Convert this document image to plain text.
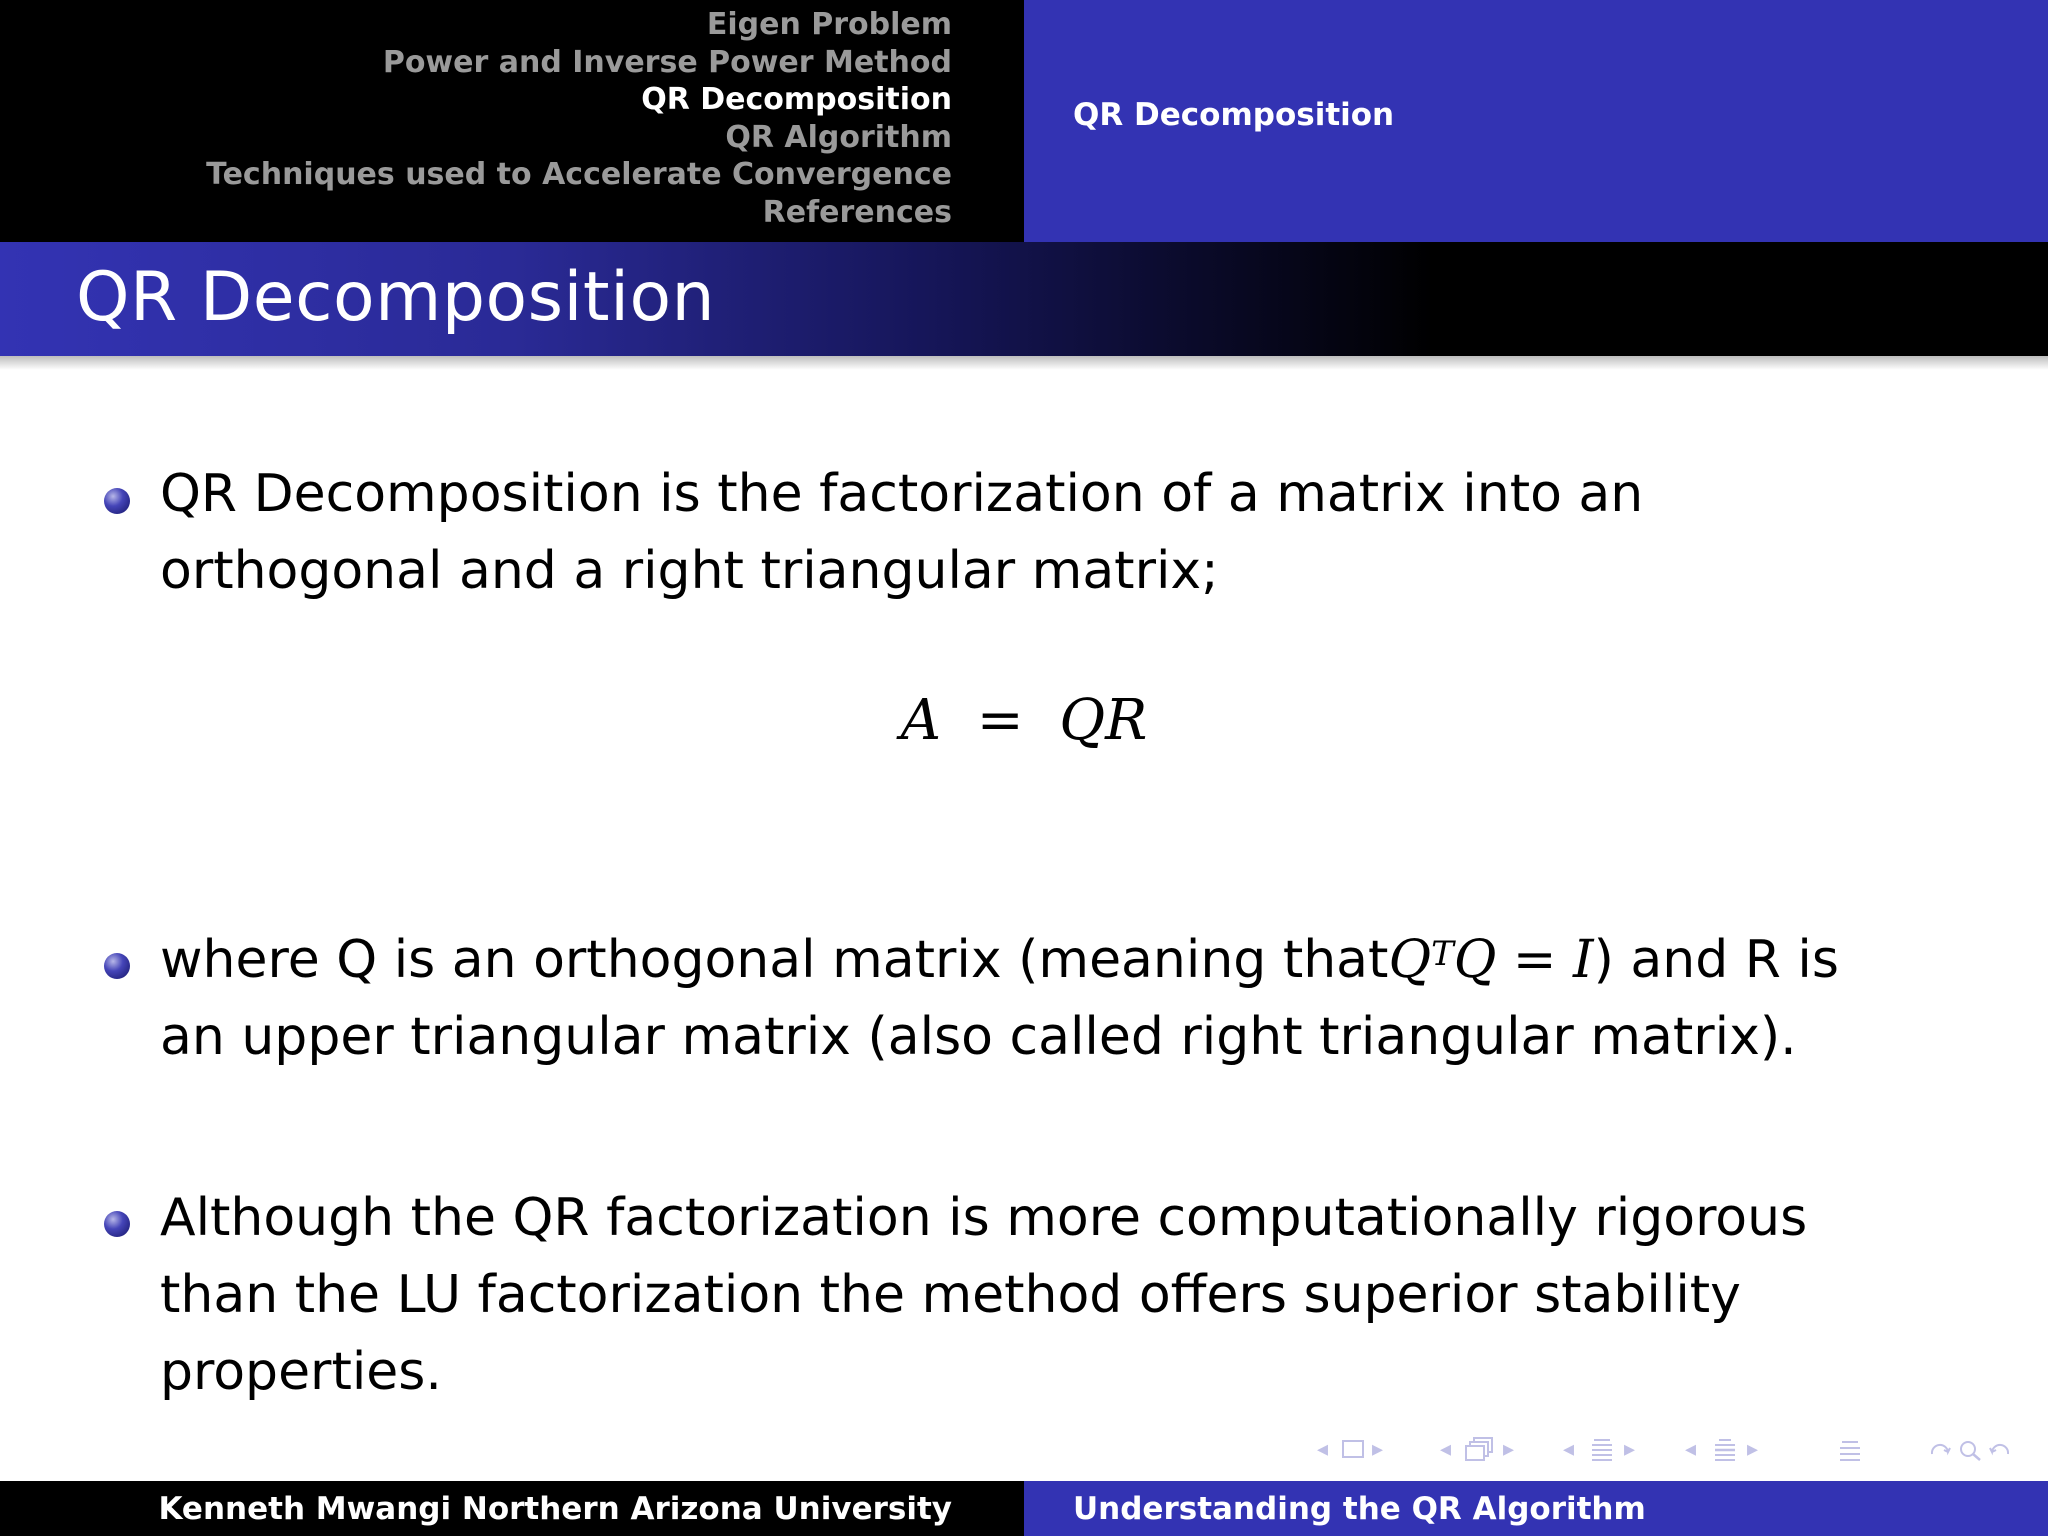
Eigen Problem
Power and Inverse Power Method
QR Decomposition
QR Algorithm
Techniques used to Accelerate Convergence
References
QR Decomposition
QR Decomposition
QR Decomposition is the factorization of a matrix into an
orthogonal and a right triangular matrix;
A = QR
where Q is an orthogonal matrix (meaning thatQ$^T$Q = I) and R is
an upper triangular matrix (also called right triangular matrix).
Although the QR factorization is more computationally rigorous
than the LU factorization the method offers superior stability
properties.
◂ ▸	◂ ▸ ◂ ▸ ◂ ▸
Kenneth Mwangi Northern Arizona University	Understanding the QR Algorithm
